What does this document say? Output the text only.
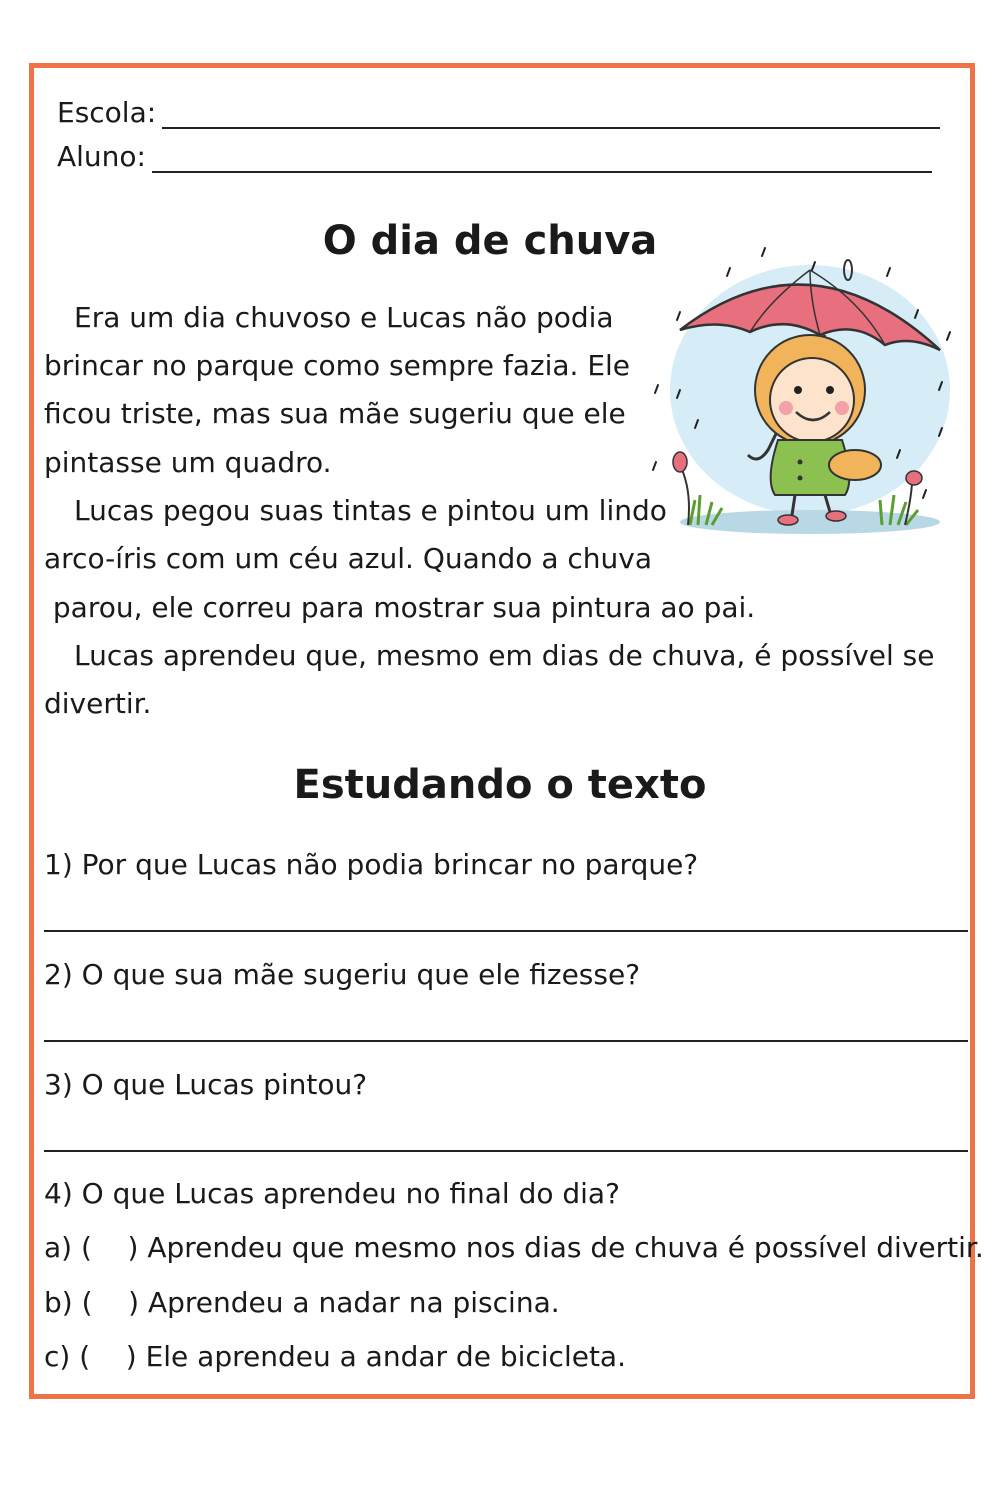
Escola:
Aluno:
O dia de chuva
Era um dia chuvoso e Lucas não podia
brincar no parque como sempre fazia. Ele
ficou triste, mas sua mãe sugeriu que ele
pintasse um quadro.
Lucas pegou suas tintas e pintou um lindo
arco-íris com um céu azul. Quando a chuva
parou, ele correu para mostrar sua pintura ao pai.
Lucas aprendeu que, mesmo em dias de chuva, é possível se
divertir.
Estudando o texto
1) Por que Lucas não podia brincar no parque?
2) O que sua mãe sugeriu que ele fizesse?
3) O que Lucas pintou?
4) O que Lucas aprendeu no final do dia?
a) (    ) Aprendeu que mesmo nos dias de chuva é possível divertir.
b) (    ) Aprendeu a nadar na piscina.
c) (    ) Ele aprendeu a andar de bicicleta.
